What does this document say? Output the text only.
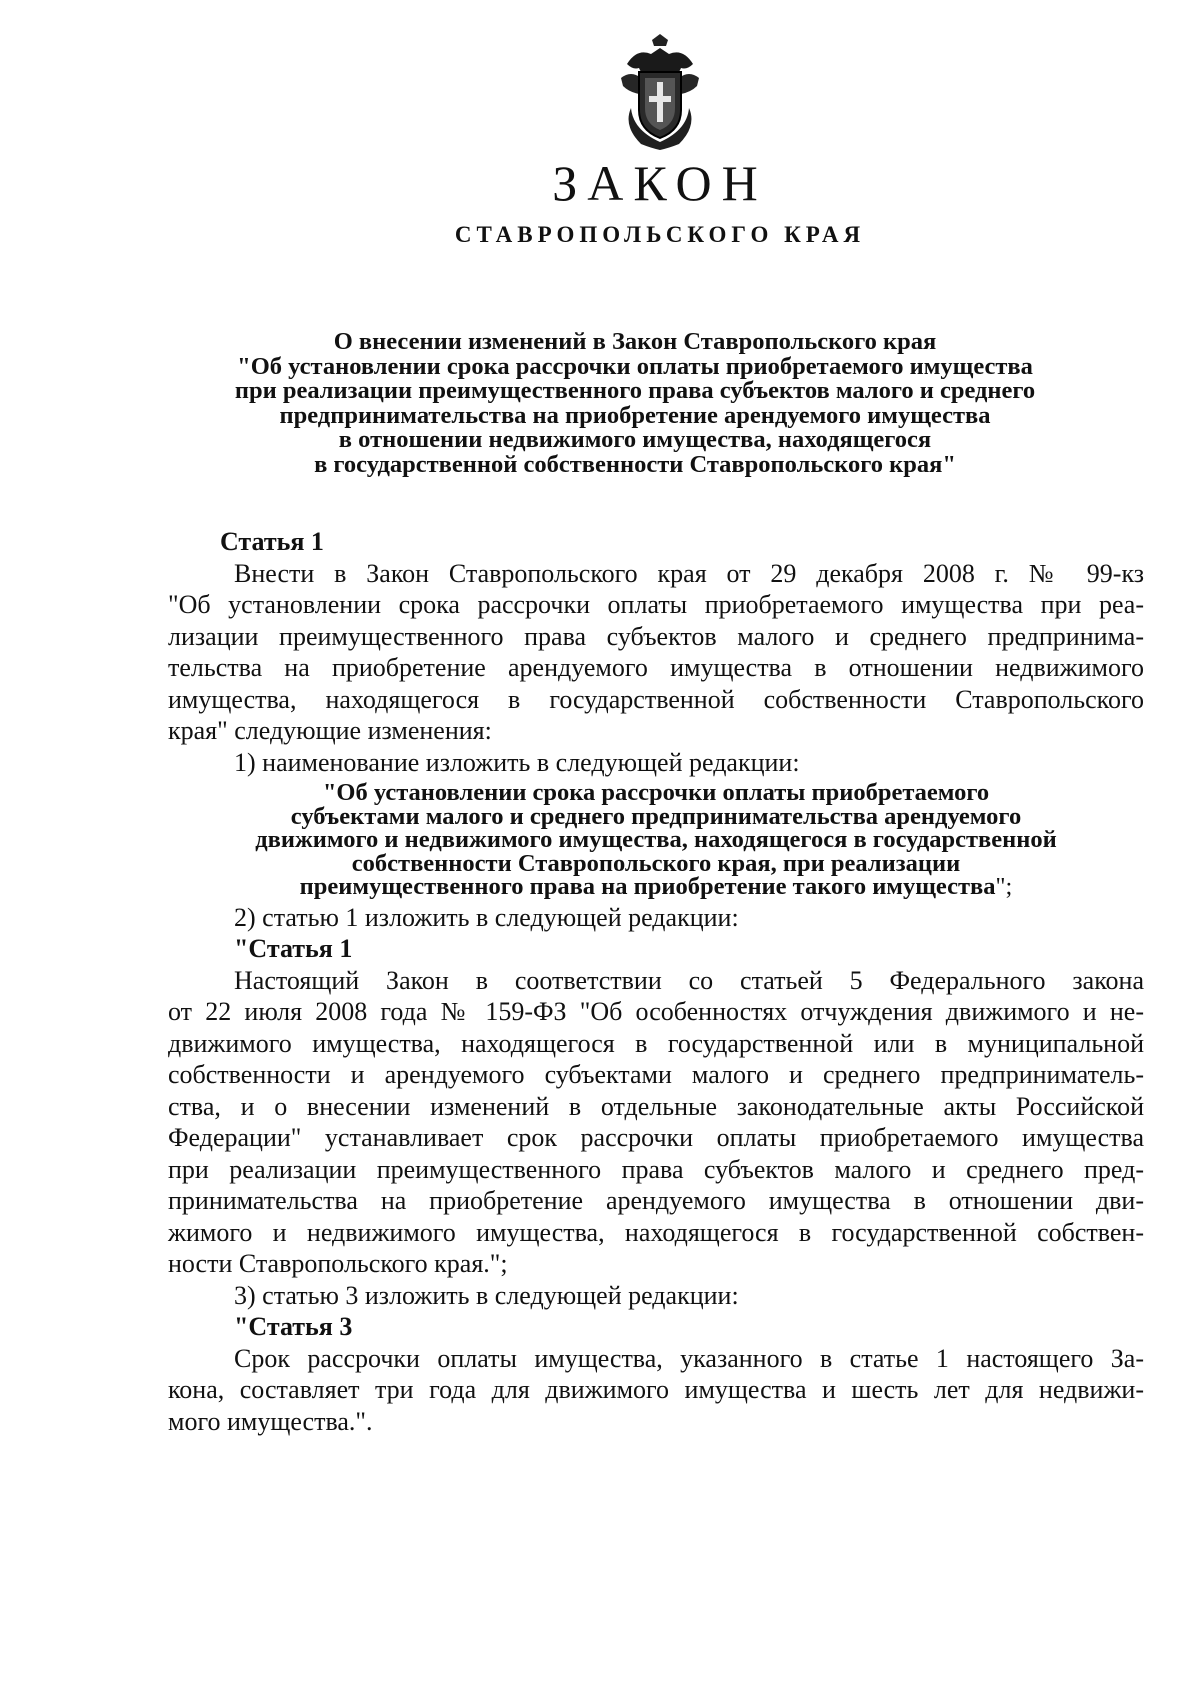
ЗАКОН
СТАВРОПОЛЬСКОГО КРАЯ
О внесении изменений в Закон Ставропольского края
"Об установлении срока рассрочки оплаты приобретаемого имущества
при реализации преимущественного права субъектов малого и среднего
предпринимательства на приобретение арендуемого имущества
в отношении недвижимого имущества, находящегося
в государственной собственности Ставропольского края"
Статья 1
Внести в Закон Ставропольского края от 29 декабря 2008 г. № 99-кз
"Об установлении срока рассрочки оплаты приобретаемого имущества при реа-
лизации преимущественного права субъектов малого и среднего предпринима-
тельства на приобретение арендуемого имущества в отношении недвижимого
имущества, находящегося в государственной собственности Ставропольского
края" следующие изменения:
1) наименование изложить в следующей редакции:
"Об установлении срока рассрочки оплаты приобретаемого
субъектами малого и среднего предпринимательства арендуемого
движимого и недвижимого имущества, находящегося в государственной
собственности Ставропольского края, при реализации
преимущественного права на приобретение такого имущества";
2) статью 1 изложить в следующей редакции:
"Статья 1
Настоящий Закон в соответствии со статьей 5 Федерального закона
от 22 июля 2008 года № 159-ФЗ "Об особенностях отчуждения движимого и не-
движимого имущества, находящегося в государственной или в муниципальной
собственности и арендуемого субъектами малого и среднего предприниматель-
ства, и о внесении изменений в отдельные законодательные акты Российской
Федерации" устанавливает срок рассрочки оплаты приобретаемого имущества
при реализации преимущественного права субъектов малого и среднего пред-
принимательства на приобретение арендуемого имущества в отношении дви-
жимого и недвижимого имущества, находящегося в государственной собствен-
ности Ставропольского края.";
3) статью 3 изложить в следующей редакции:
"Статья 3
Срок рассрочки оплаты имущества, указанного в статье 1 настоящего За-
кона, составляет три года для движимого имущества и шесть лет для недвижи-
мого имущества.".
